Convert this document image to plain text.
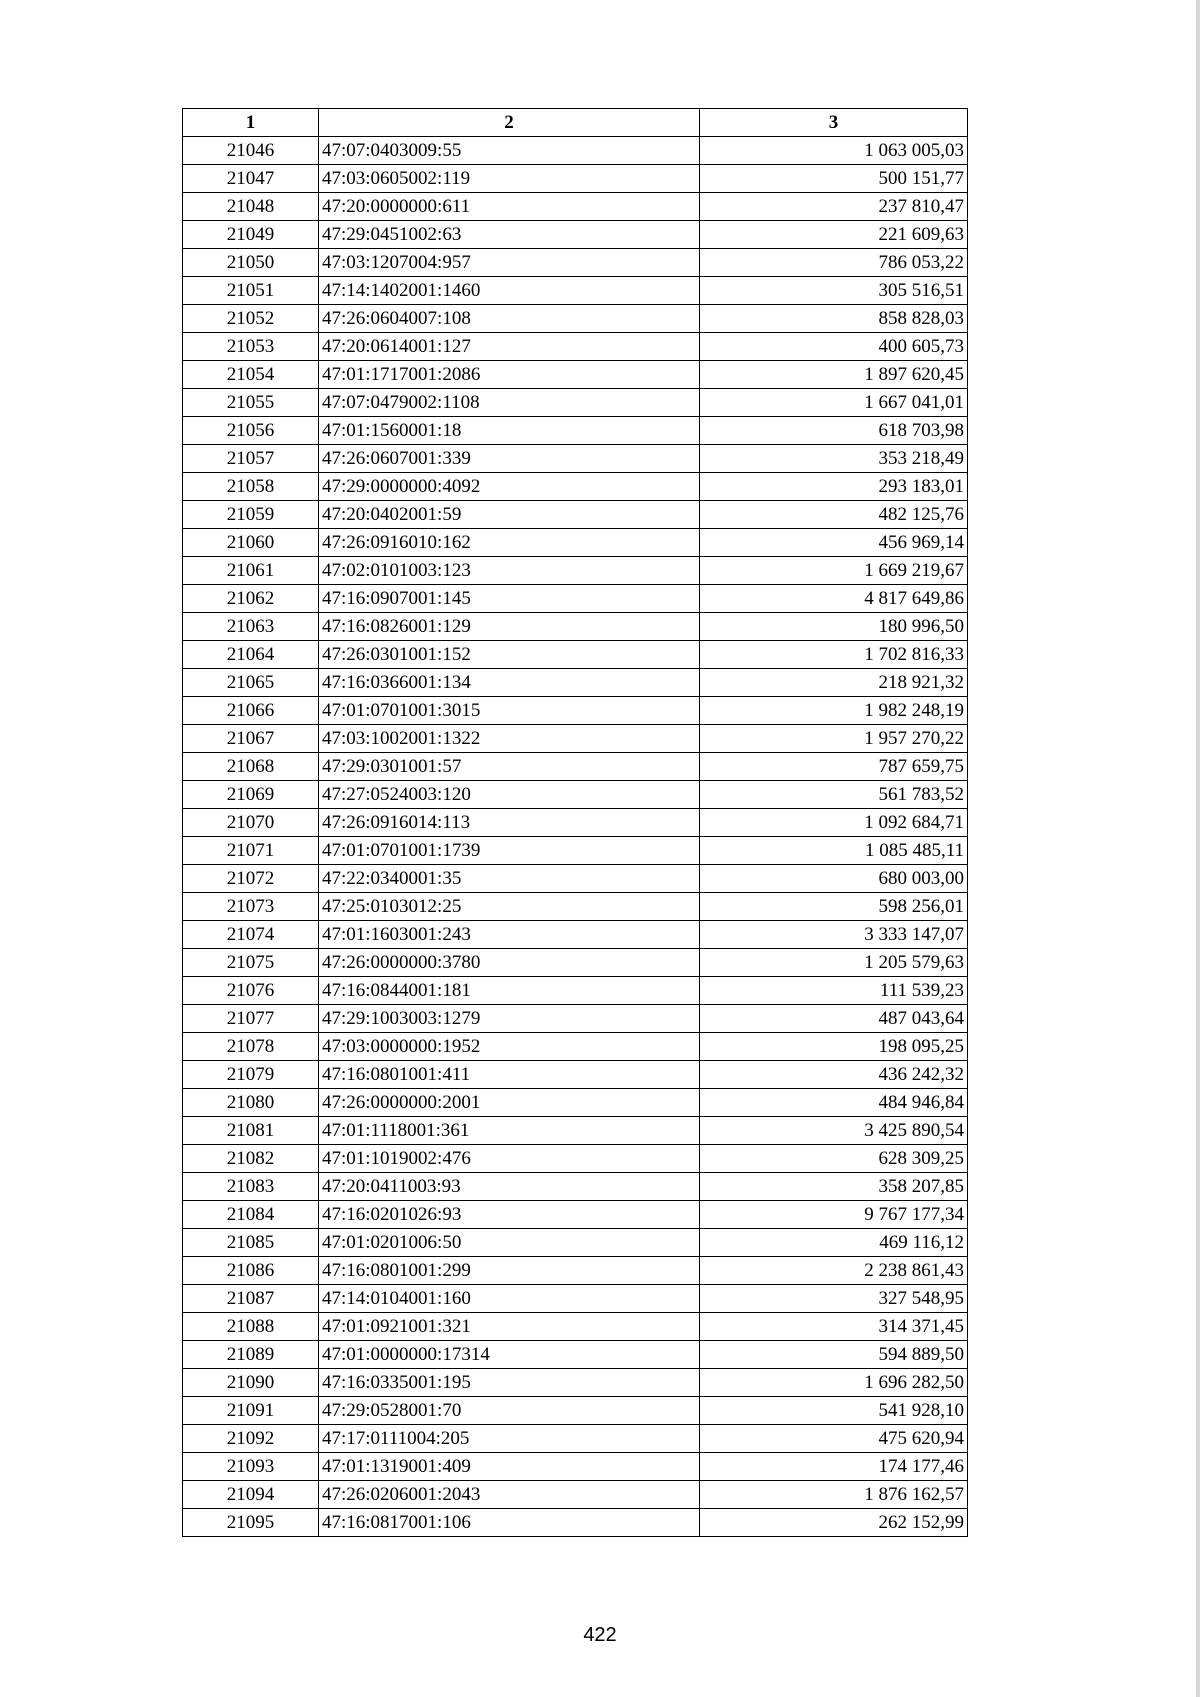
1	2	3
21046	47:07:0403009:55	1 063 005,03
21047	47:03:0605002:119	500 151,77
21048	47:20:0000000:611	237 810,47
21049	47:29:0451002:63	221 609,63
21050	47:03:1207004:957	786 053,22
21051	47:14:1402001:1460	305 516,51
21052	47:26:0604007:108	858 828,03
21053	47:20:0614001:127	400 605,73
21054	47:01:1717001:2086	1 897 620,45
21055	47:07:0479002:1108	1 667 041,01
21056	47:01:1560001:18	618 703,98
21057	47:26:0607001:339	353 218,49
21058	47:29:0000000:4092	293 183,01
21059	47:20:0402001:59	482 125,76
21060	47:26:0916010:162	456 969,14
21061	47:02:0101003:123	1 669 219,67
21062	47:16:0907001:145	4 817 649,86
21063	47:16:0826001:129	180 996,50
21064	47:26:0301001:152	1 702 816,33
21065	47:16:0366001:134	218 921,32
21066	47:01:0701001:3015	1 982 248,19
21067	47:03:1002001:1322	1 957 270,22
21068	47:29:0301001:57	787 659,75
21069	47:27:0524003:120	561 783,52
21070	47:26:0916014:113	1 092 684,71
21071	47:01:0701001:1739	1 085 485,11
21072	47:22:0340001:35	680 003,00
21073	47:25:0103012:25	598 256,01
21074	47:01:1603001:243	3 333 147,07
21075	47:26:0000000:3780	1 205 579,63
21076	47:16:0844001:181	111 539,23
21077	47:29:1003003:1279	487 043,64
21078	47:03:0000000:1952	198 095,25
21079	47:16:0801001:411	436 242,32
21080	47:26:0000000:2001	484 946,84
21081	47:01:1118001:361	3 425 890,54
21082	47:01:1019002:476	628 309,25
21083	47:20:0411003:93	358 207,85
21084	47:16:0201026:93	9 767 177,34
21085	47:01:0201006:50	469 116,12
21086	47:16:0801001:299	2 238 861,43
21087	47:14:0104001:160	327 548,95
21088	47:01:0921001:321	314 371,45
21089	47:01:0000000:17314	594 889,50
21090	47:16:0335001:195	1 696 282,50
21091	47:29:0528001:70	541 928,10
21092	47:17:0111004:205	475 620,94
21093	47:01:1319001:409	174 177,46
21094	47:26:0206001:2043	1 876 162,57
21095	47:16:0817001:106	262 152,99
422
